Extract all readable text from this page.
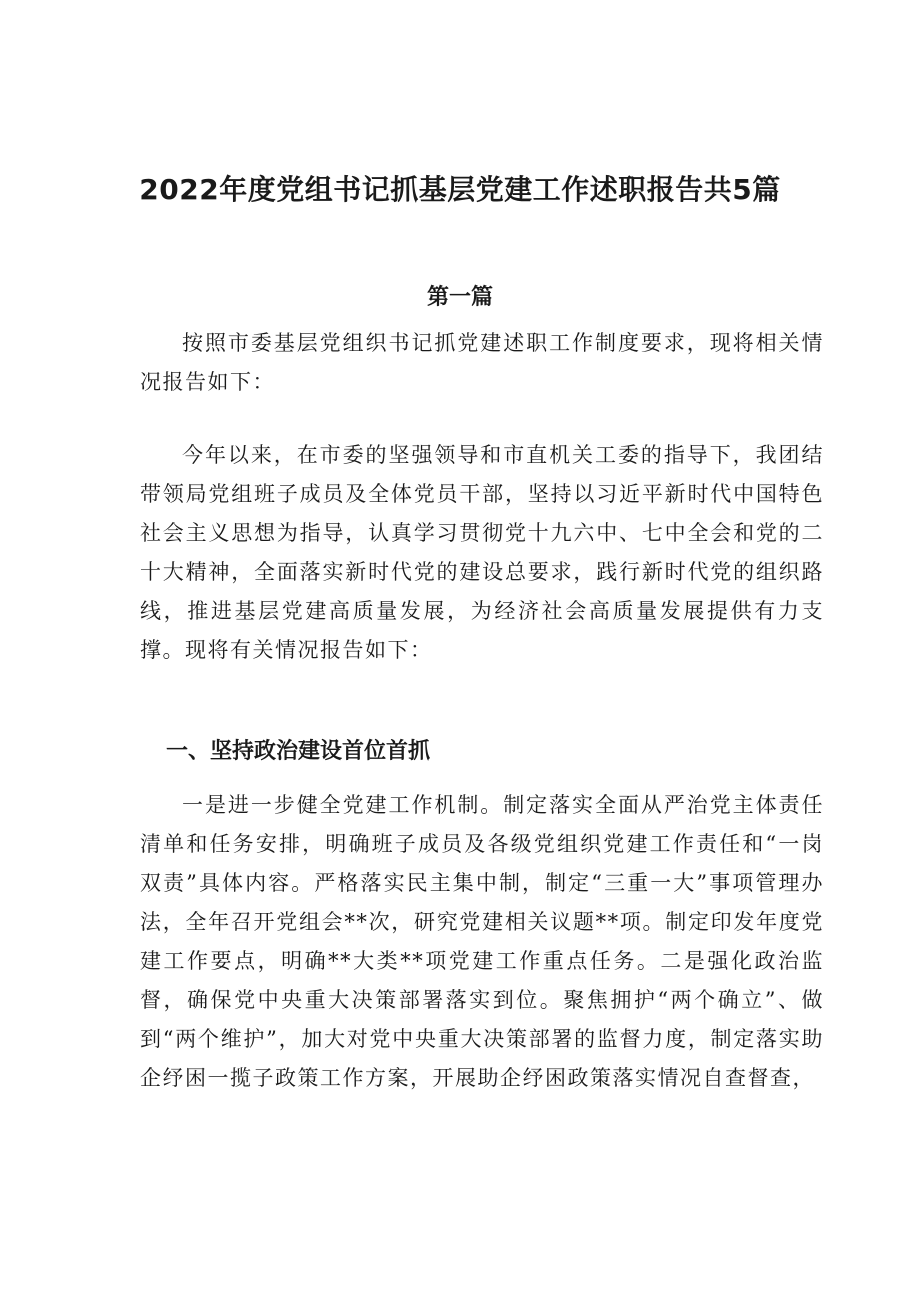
2022年度党组书记抓基层党建工作述职报告共5篇
第一篇

按照市委基层党组织书记抓党建述职工作制度要求，现将相关情况报告如下：

今年以来，在市委的坚强领导和市直机关工委的指导下，我团结带领局党组班子成员及全体党员干部，坚持以习近平新时代中国特色社会主义思想为指导，认真学习贯彻党十九六中、七中全会和党的二十大精神，全面落实新时代党的建设总要求，践行新时代党的组织路线，推进基层党建高质量发展，为经济社会高质量发展提供有力支撑。现将有关情况报告如下：

一、坚持政治建设首位首抓

一是进一步健全党建工作机制。制定落实全面从严治党主体责任清单和任务安排，明确班子成员及各级党组织党建工作责任和“一岗双责”具体内容。严格落实民主集中制，制定“三重一大”事项管理办法，全年召开党组会**次，研究党建相关议题**项。制定印发年度党建工作要点，明确**大类**项党建工作重点任务。二是强化政治监督，确保党中央重大决策部署落实到位。聚焦拥护“两个确立”、做到“两个维护”，加大对党中央重大决策部署的监督力度，制定落实助企纾困一揽子政策工作方案，开展助企纾困政策落实情况自查督查，
